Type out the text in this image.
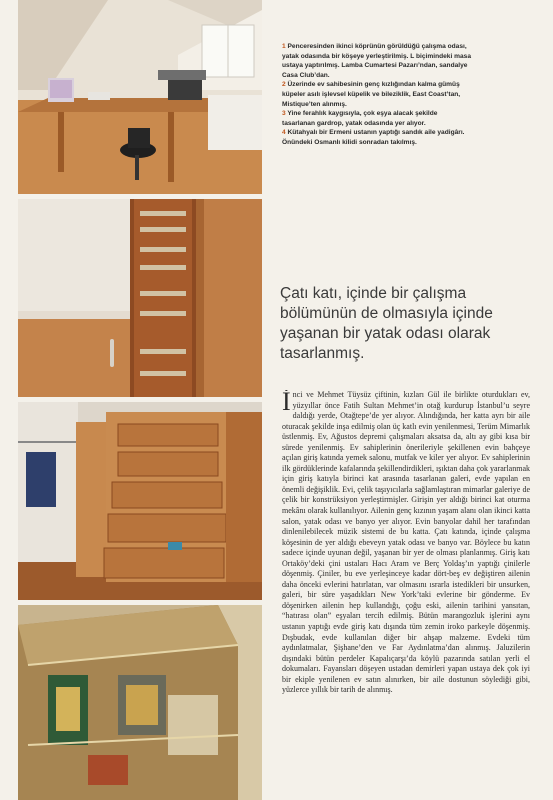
1 Penceresinden ikinci köprünün görüldüğü çalışma odası, yatak odasında bir köşeye yerleştirilmiş. L biçimindeki masa ustaya yaptırılmış. Lamba Cumartesi Pazarı’ndan, sandalye Casa Club’dan.

2 Üzerinde ev sahibesinin genç kızlığından kalma gümüş küpeler asılı işlevsel küpelik ve bileziklik, East Coast’tan, Mistique’ten alınmış.

3 Yine ferahlık kaygısıyla, çok eşya alacak şekilde tasarlanan gardrop, yatak odasında yer alıyor.

4 Kütahyalı bir Ermeni ustanın yaptığı sandık aile yadigârı. Önündeki Osmanlı kilidi sonradan takılmış.

Çatı katı, içinde bir çalışma bölümünün de olmasıyla içinde yaşanan bir yatak odası olarak tasarlanmış.
İnci ve Mehmet Tüysüz çiftinin, kızları Gül ile birlikte oturdukları ev, yüzyıllar önce Fatih Sultan Mehmet’in otağ kurdurup İstanbul’u seyre daldığı yerde, Otağtepe’de yer alıyor. Alındığında, her katta ayrı bir aile oturacak şekilde inşa edilmiş olan üç katlı evin yenilenmesi, Terüm Mimarlık üstlenmiş. Ev, Ağustos depremi çalışmaları aksatsa da, altı ay gibi kısa bir sürede yenilenmiş. Ev sahiplerinin önerileriyle şekillenen evin bahçeye açılan giriş katında yemek salonu, mutfak ve kiler yer alıyor. Ev sahiplerinin ilk gördüklerinde kafalarında şekillendirdikleri, ışıktan daha çok yararlanmak için giriş katıyla birinci kat arasında tasarlanan galeri, evde yapılan en önemli değişiklik. Evi, çelik taşıyıcılarla sağlamlaştıran mimarlar galeriye de çelik bir konstrüksiyon yerleştirmişler. Girişin yer aldığı birinci kat oturma mekânı olarak kullanılıyor. Ailenin genç kızının yaşam alanı olan ikinci katta salon, yatak odası ve banyo yer alıyor. Evin banyolar dahil her tarafından dinlenilebilecek müzik sistemi de bu katta. Çatı katında, içinde çalışma köşesinin de yer aldığı ebeveyn yatak odası ve banyo var. Böylece bu katın sadece içinde uyunan değil, yaşanan bir yer de olması planlanmış. Giriş katı Ortaköy’deki çini ustaları Hacı Aram ve Berç Yoldaş’ın yaptığı çinilerle döşenmiş. Çiniler, bu eve yerleşinceye kadar dört-beş ev değiştiren ailenin daha önceki evlerini hatırlatan, var olmasını ısrarla istedikleri bir unsurken, galeri, bir süre yaşadıkları New York’taki evlerine bir gönderme. Ev döşenirken ailenin hep kullandığı, çoğu eski, ailenin tarihini yansıtan, “hatırası olan” eşyaları tercih edilmiş. Bütün marangozluk işlerini aynı ustanın yaptığı evde giriş katı dışında tüm zemin iroko parkeyle döşenmiş. Dışbudak, evde kullanılan diğer bir ahşap malzeme. Evdeki tüm aydınlatmalar, Şişhane’den ve Far Aydınlatma’dan alınmış. Jaluzilerin dışındaki bütün perdeler Kapalıçarşı’da köylü pazarında satılan yerli el dokumaları. Fayansları döşeyen ustadan demirleri yapan ustaya dek çok iyi bir ekiple yenilenen ev satın alınırken, bir aile dostunun söylediği gibi, yüzlerce yıllık bir tarih de alınmış.
